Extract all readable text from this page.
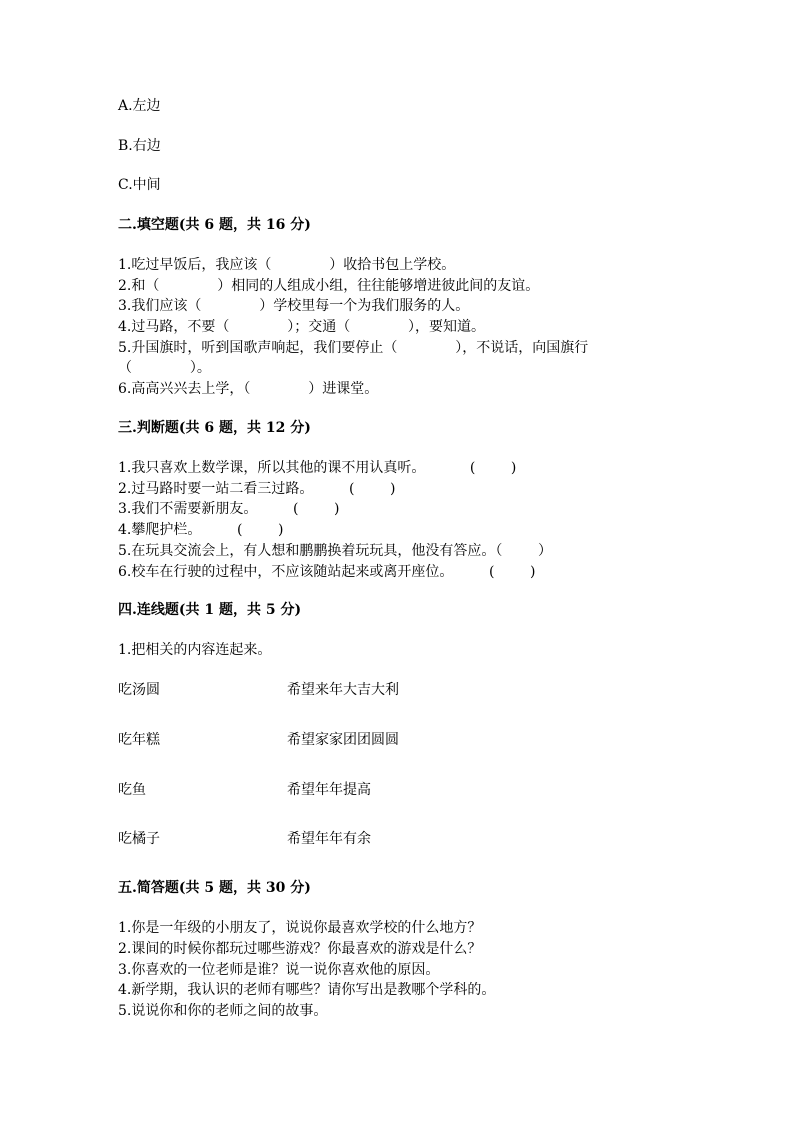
A.左边
B.右边
C.中间
二.填空题(共 6 题，共 16 分)
1.吃过早饭后，我应该（             ）收拾书包上学校。
2.和（             ）相同的人组成小组，往往能够增进彼此间的友谊。
3.我们应该（             ）学校里每一个为我们服务的人。
4.过马路，不要（             ）；交通（             ），要知道。
5.升国旗时，听到国歌声响起，我们要停止（             ），不说话，向国旗行
（             ）。
6.高高兴兴去上学，（             ）进课堂。
三.判断题(共 6 题，共 12 分)
1.我只喜欢上数学课，所以其他的课不用认真听。          (        )
2.过马路时要一站二看三过路。        (        )
3.我们不需要新朋友。        (        )
4.攀爬护栏。        (        )
5.在玩具交流会上，有人想和鹏鹏换着玩玩具，他没有答应。（        ）
6.校车在行驶的过程中，不应该随站起来或离开座位。        (        )
四.连线题(共 1 题，共 5 分)
1.把相关的内容连起来。
吃汤圆	希望来年大吉大利
吃年糕	希望家家团团圆圆
吃鱼	希望年年提高
吃橘子	希望年年有余
五.简答题(共 5 题，共 30 分)
1.你是一年级的小朋友了，说说你最喜欢学校的什么地方？
2.课间的时候你都玩过哪些游戏？你最喜欢的游戏是什么？
3.你喜欢的一位老师是谁？说一说你喜欢他的原因。
4.新学期，我认识的老师有哪些？请你写出是教哪个学科的。
5.说说你和你的老师之间的故事。
